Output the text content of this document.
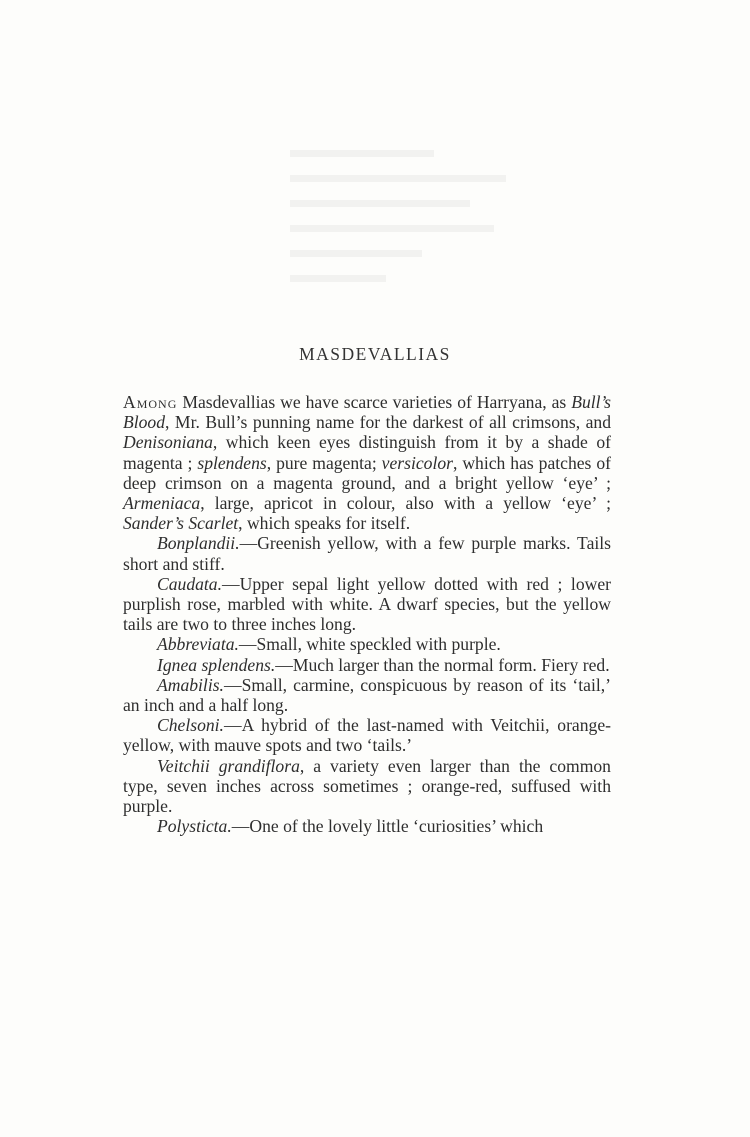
MASDEVALLIAS

Among Masdevallias we have scarce varieties of Harryana, as Bull’s Blood, Mr. Bull’s punning name for the darkest of all crimsons, and Denisoniana, which keen eyes distinguish from it by a shade of magenta ; splendens, pure magenta; versicolor, which has patches of deep crimson on a magenta ground, and a bright yellow ‘eye’ ; Armeniaca, large, apricot in colour, also with a yellow ‘eye’ ; Sander’s Scarlet, which speaks for itself.

Bonplandii.—Greenish yellow, with a few purple marks. Tails short and stiff.

Caudata.—Upper sepal light yellow dotted with red ; lower purplish rose, marbled with white. A dwarf species, but the yellow tails are two to three inches long.

Abbreviata.—Small, white speckled with purple.

Ignea splendens.—Much larger than the normal form. Fiery red.

Amabilis.—Small, carmine, conspicuous by reason of its ‘tail,’ an inch and a half long.

Chelsoni.—A hybrid of the last-named with Veitchii, orange-yellow, with mauve spots and two ‘tails.’

Veitchii grandiflora, a variety even larger than the common type, seven inches across sometimes ; orange-red, suffused with purple.

Polysticta.—One of the lovely little ‘curiosities’ which
